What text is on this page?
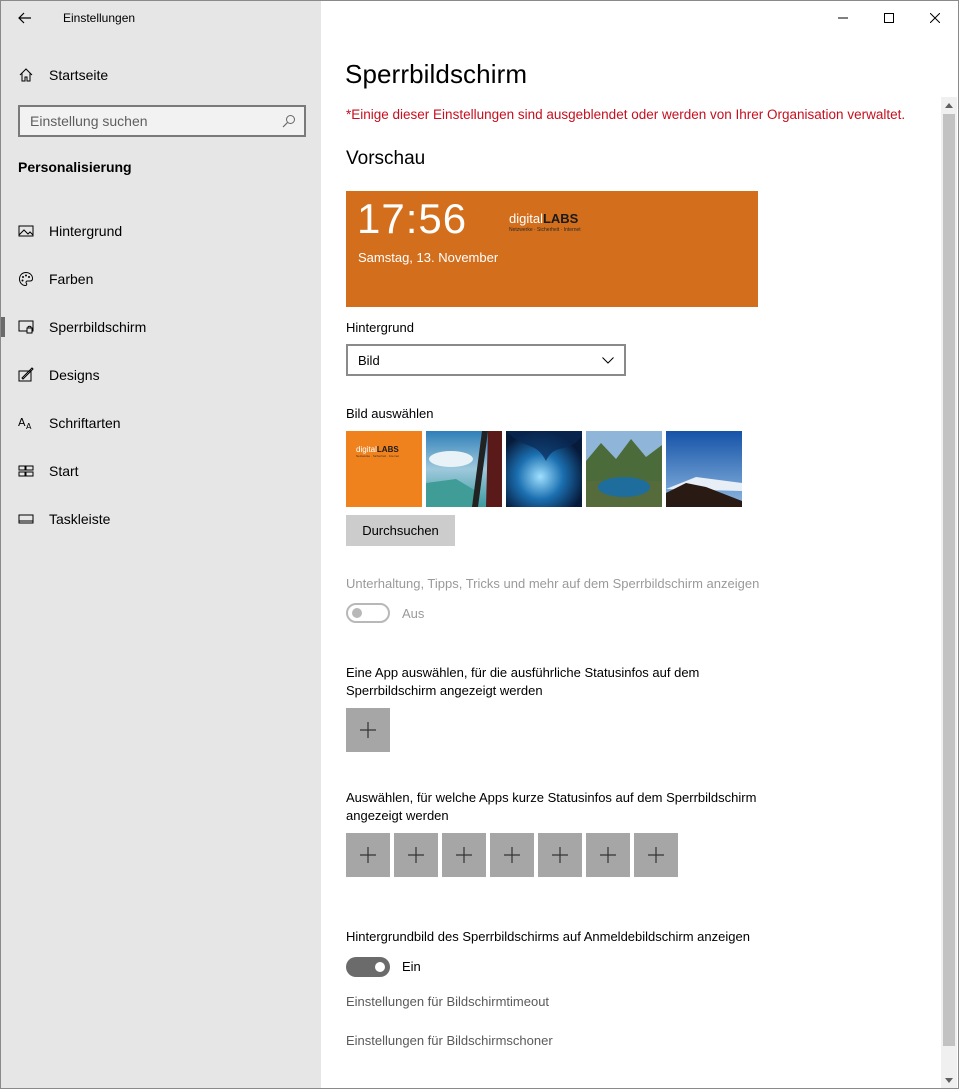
Einstellungen
Startseite
Einstellung suchen
Personalisierung
Hintergrund
Farben
Sperrbildschirm
Designs
A A Schriftarten
Start
Taskleiste
Sperrbildschirm
*Einige dieser Einstellungen sind ausgeblendet oder werden von Ihrer Organisation verwaltet.
Vorschau
17:56
Samstag, 13. November
digitalLABS
Netzwerke · Sicherheit · Internet
Hintergrund
Bild
Bild auswählen
digitalLABS
Netzwerke · Sicherheit · Internet
Durchsuchen
Unterhaltung, Tipps, Tricks und mehr auf dem Sperrbildschirm anzeigen
Aus
Eine App auswählen, für die ausführliche Statusinfos auf dem
Sperrbildschirm angezeigt werden
Auswählen, für welche Apps kurze Statusinfos auf dem Sperrbildschirm
angezeigt werden
Hintergrundbild des Sperrbildschirms auf Anmeldebildschirm anzeigen
Ein
Einstellungen für Bildschirmtimeout
Einstellungen für Bildschirmschoner
